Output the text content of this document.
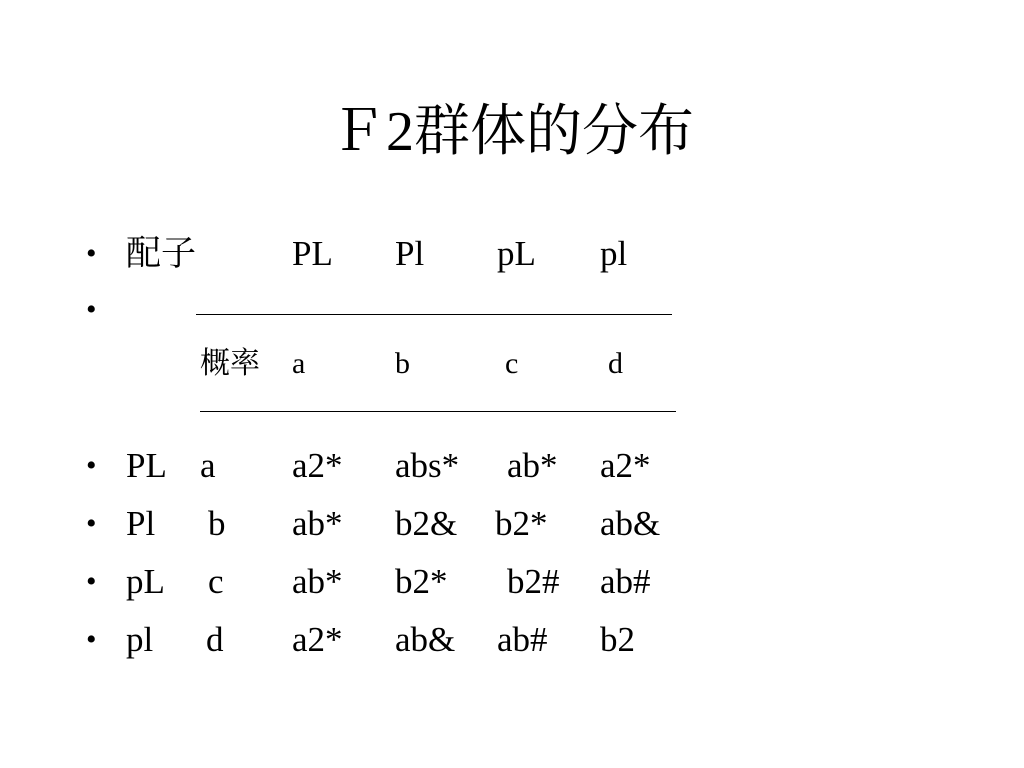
Ｆ2群体的分布
• 配子	PL Pl pL pl
•
概率 a	b	c	d
• PL a a2* abs* ab* a2*
• Pl b ab* b2& b2* ab&
• pL c ab* b2* b2# ab#
• pl d a2* ab& ab# b2
